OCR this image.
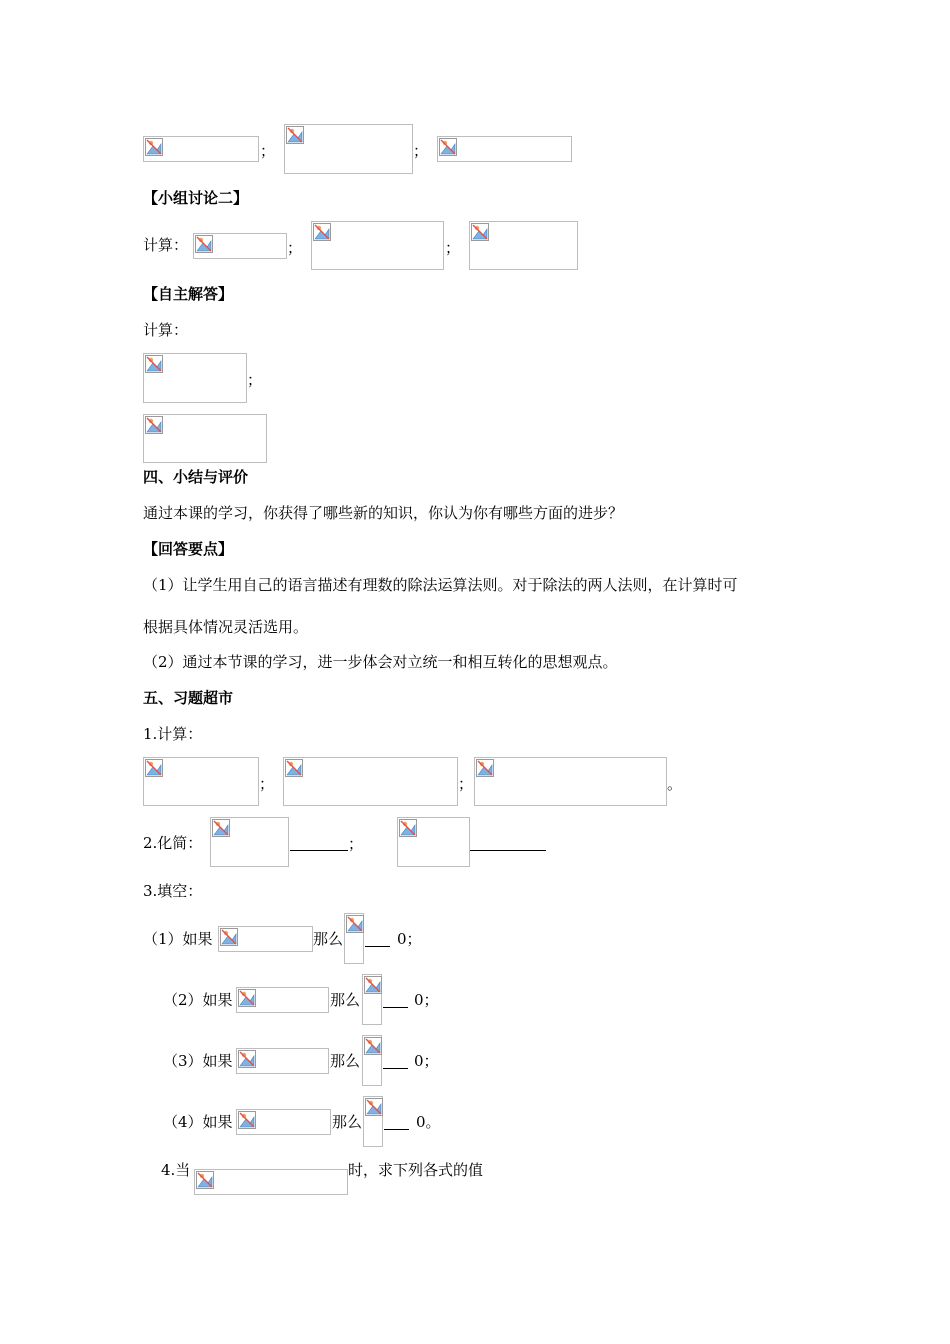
；	；
【小组讨论二】
计算：	；	；
【自主解答】
计算：
；
四、小结与评价
通过本课的学习，你获得了哪些新的知识，你认为你有哪些方面的进步？
【回答要点】
（1）让学生用自己的语言描述有理数的除法运算法则。对于除法的两人法则，在计算时可
根据具体情况灵活选用。
（2）通过本节课的学习，进一步体会对立统一和相互转化的思想观点。
五、习题超市
1.计算：
；	；	。
2.化简：	；
3.填空：
（1）如果	那么	0；
（2）如果	那么	0；
（3）如果	那么	0；
（4）如果	那么	0。
4.当	时，求下列各式的值
